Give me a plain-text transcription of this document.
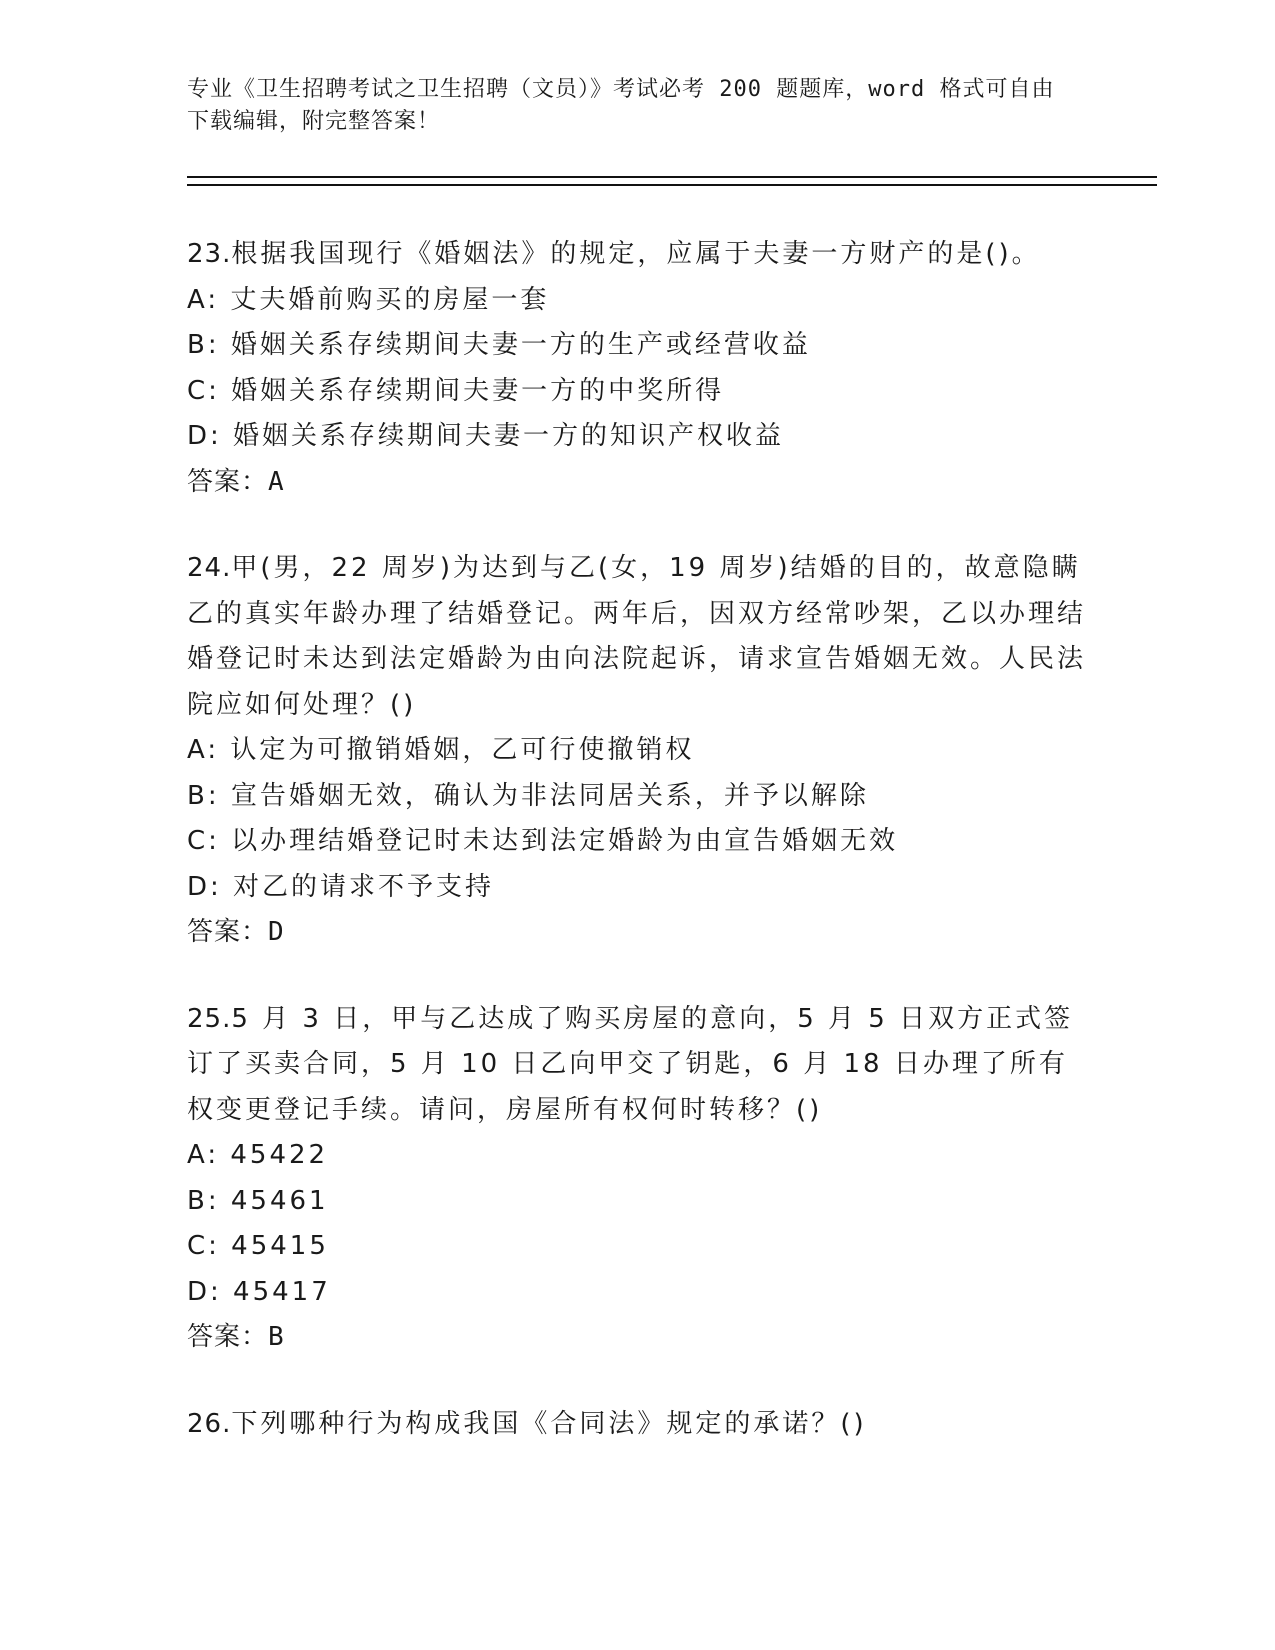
专业《卫生招聘考试之卫生招聘（文员）》考试必考 200 题题库，word 格式可自由下载编辑，附完整答案！

23.根据我国现行《婚姻法》的规定，应属于夫妻一方财产的是()。

A: 丈夫婚前购买的房屋一套

B: 婚姻关系存续期间夫妻一方的生产或经营收益

C: 婚姻关系存续期间夫妻一方的中奖所得

D: 婚姻关系存续期间夫妻一方的知识产权收益

答案：A

24.甲(男，22 周岁)为达到与乙(女，19 周岁)结婚的目的，故意隐瞒乙的真实年龄办理了结婚登记。两年后，因双方经常吵架，乙以办理结婚登记时未达到法定婚龄为由向法院起诉，请求宣告婚姻无效。人民法院应如何处理？()

A: 认定为可撤销婚姻，乙可行使撤销权

B: 宣告婚姻无效，确认为非法同居关系，并予以解除

C: 以办理结婚登记时未达到法定婚龄为由宣告婚姻无效

D: 对乙的请求不予支持

答案：D

25.5 月 3 日，甲与乙达成了购买房屋的意向，5 月 5 日双方正式签订了买卖合同，5 月 10 日乙向甲交了钥匙，6 月 18 日办理了所有权变更登记手续。请问，房屋所有权何时转移？()

A: 45422

B: 45461

C: 45415

D: 45417

答案：B

26.下列哪种行为构成我国《合同法》规定的承诺？()
